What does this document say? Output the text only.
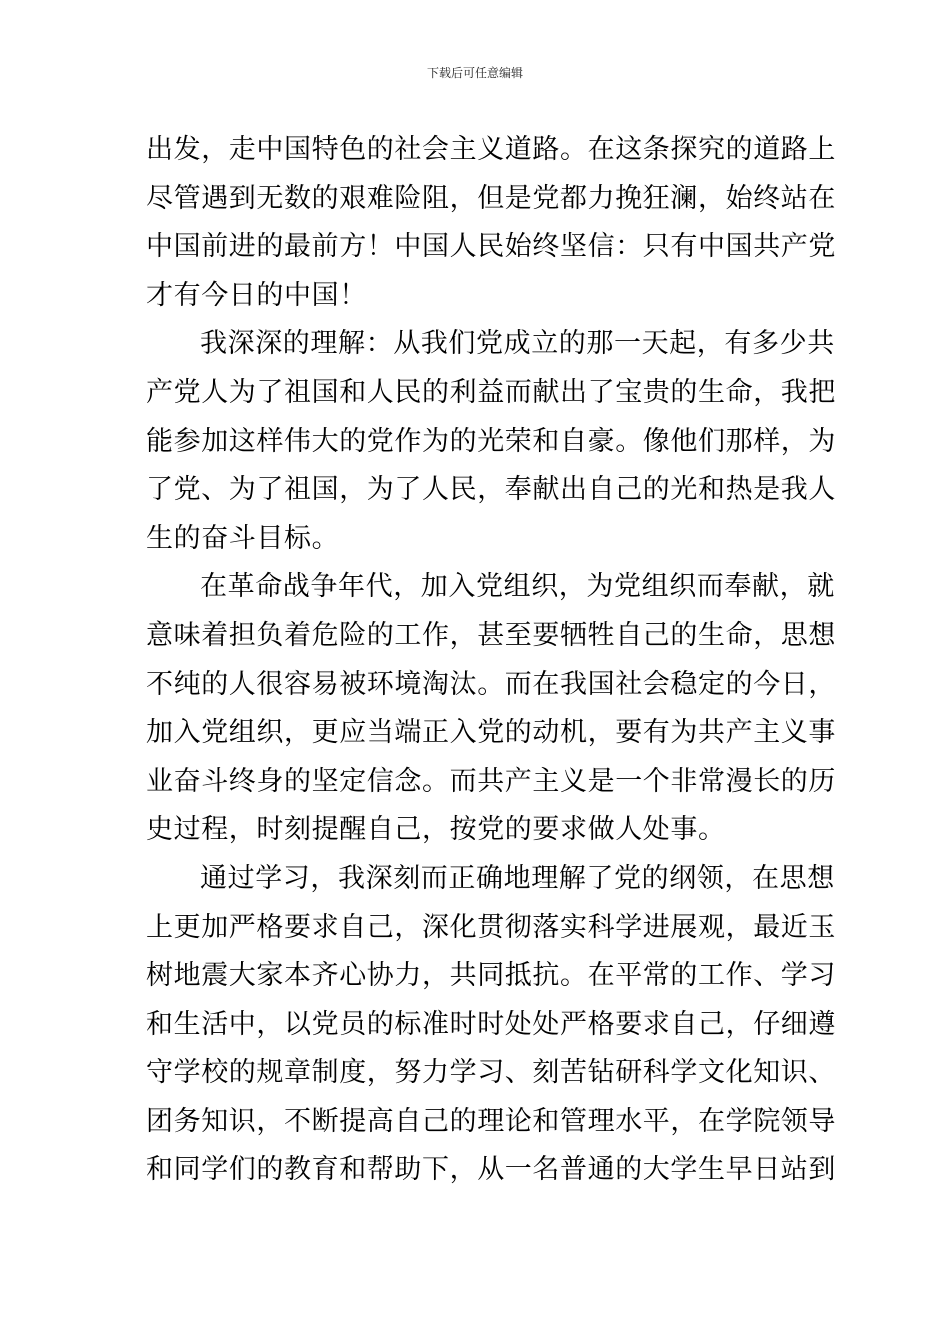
下载后可任意编辑
出发，走中国特色的社会主义道路。在这条探究的道路上
尽管遇到无数的艰难险阻，但是党都力挽狂澜，始终站在
中国前进的最前方！中国人民始终坚信：只有中国共产党
才有今日的中国！
我深深的理解：从我们党成立的那一天起，有多少共
产党人为了祖国和人民的利益而献出了宝贵的生命，我把
能参加这样伟大的党作为的光荣和自豪。像他们那样，为
了党、为了祖国，为了人民，奉献出自己的光和热是我人
生的奋斗目标。
在革命战争年代，加入党组织，为党组织而奉献，就
意味着担负着危险的工作，甚至要牺牲自己的生命，思想
不纯的人很容易被环境淘汰。而在我国社会稳定的今日，
加入党组织，更应当端正入党的动机，要有为共产主义事
业奋斗终身的坚定信念。而共产主义是一个非常漫长的历
史过程，时刻提醒自己，按党的要求做人处事。
通过学习，我深刻而正确地理解了党的纲领，在思想
上更加严格要求自己，深化贯彻落实科学进展观，最近玉
树地震大家本齐心协力，共同抵抗。在平常的工作、学习
和生活中，以党员的标准时时处处严格要求自己，仔细遵
守学校的规章制度，努力学习、刻苦钻研科学文化知识、
团务知识，不断提高自己的理论和管理水平，在学院领导
和同学们的教育和帮助下，从一名普通的大学生早日站到
